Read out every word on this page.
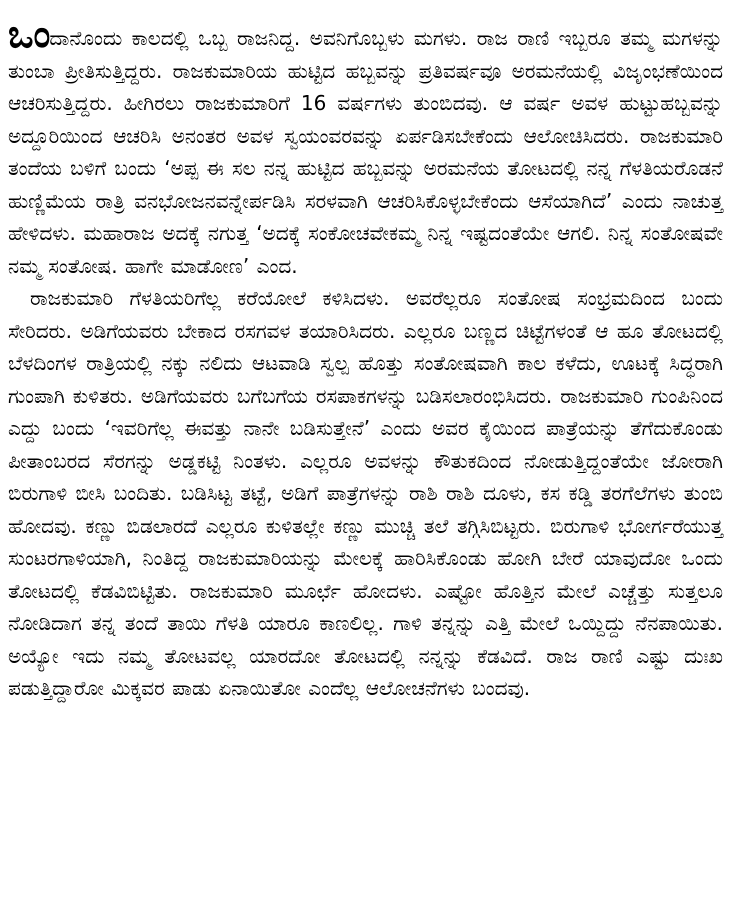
ಒಂದಾನೊಂದು ಕಾಲದಲ್ಲಿ ಒಬ್ಬ ರಾಜನಿದ್ದ. ಅವನಿಗೊಬ್ಬಳು ಮಗಳು. ರಾಜ ರಾಣಿ ಇಬ್ಬರೂ ತಮ್ಮ ಮಗಳನ್ನು ತುಂಬಾ ಪ್ರೀತಿಸುತ್ತಿದ್ದರು. ರಾಜಕುಮಾರಿಯ ಹುಟ್ಟಿದ ಹಬ್ಬವನ್ನು ಪ್ರತಿವರ್ಷವೂ ಅರಮನೆಯಲ್ಲಿ ವಿಜೃಂಭಣೆಯಿಂದ ಆಚರಿಸುತ್ತಿದ್ದರು. ಹೀಗಿರಲು ರಾಜಕುಮಾರಿಗೆ 16 ವರ್ಷಗಳು ತುಂಬಿದವು. ಆ ವರ್ಷ ಅವಳ ಹುಟ್ಟುಹಬ್ಬವನ್ನು ಅದ್ದೂರಿಯಿಂದ ಆಚರಿಸಿ ಅನಂತರ ಅವಳ ಸ್ವಯಂವರವನ್ನು ಏರ್ಪಡಿಸಬೇಕೆಂದು ಆಲೋಚಿಸಿದರು. ರಾಜಕುಮಾರಿ ತಂದೆಯ ಬಳಿಗೆ ಬಂದು ‘ಅಪ್ಪ ಈ ಸಲ ನನ್ನ ಹುಟ್ಟಿದ ಹಬ್ಬವನ್ನು ಅರಮನೆಯ ತೋಟದಲ್ಲಿ ನನ್ನ ಗೆಳತಿಯರೊಡನೆ ಹುಣ್ಣಿಮೆಯ ರಾತ್ರಿ ವನಭೋಜನವನ್ನೇರ್ಪಡಿಸಿ ಸರಳವಾಗಿ ಆಚರಿಸಿಕೊಳ್ಳಬೇಕೆಂದು ಆಸೆಯಾಗಿದೆ’ ಎಂದು ನಾಚುತ್ತ ಹೇಳಿದಳು. ಮಹಾರಾಜ ಅದಕ್ಕೆ ನಗುತ್ತ ‘ಅದಕ್ಕೆ ಸಂಕೋಚವೇಕಮ್ಮ ನಿನ್ನ ಇಷ್ಟದಂತೆಯೇ ಆಗಲಿ. ನಿನ್ನ ಸಂತೋಷವೇ ನಮ್ಮ ಸಂತೋಷ. ಹಾಗೇ ಮಾಡೋಣ’ ಎಂದ.

ರಾಜಕುಮಾರಿ ಗೆಳತಿಯರಿಗೆಲ್ಲ ಕರೆಯೋಲೆ ಕಳಿಸಿದಳು. ಅವರೆಲ್ಲರೂ ಸಂತೋಷ ಸಂಭ್ರಮದಿಂದ ಬಂದು ಸೇರಿದರು. ಅಡಿಗೆಯವರು ಬೇಕಾದ ರಸಗವಳ ತಯಾರಿಸಿದರು. ಎಲ್ಲರೂ ಬಣ್ಣದ ಚಿಟ್ಟೆಗಳಂತೆ ಆ ಹೂ ತೋಟದಲ್ಲಿ ಬೆಳದಿಂಗಳ ರಾತ್ರಿಯಲ್ಲಿ ನಕ್ಕು ನಲಿದು ಆಟವಾಡಿ ಸ್ವಲ್ಪ ಹೊತ್ತು ಸಂತೋಷವಾಗಿ ಕಾಲ ಕಳೆದು, ಊಟಕ್ಕೆ ಸಿದ್ಧರಾಗಿ ಗುಂಪಾಗಿ ಕುಳಿತರು. ಅಡಿಗೆಯವರು ಬಗೆಬಗೆಯ ರಸಪಾಕಗಳನ್ನು ಬಡಿಸಲಾರಂಭಿಸಿದರು. ರಾಜಕುಮಾರಿ ಗುಂಪಿನಿಂದ ಎದ್ದು ಬಂದು ‘ಇವರಿಗೆಲ್ಲ ಈವತ್ತು ನಾನೇ ಬಡಿಸುತ್ತೇನೆ’ ಎಂದು ಅವರ ಕೈಯಿಂದ ಪಾತ್ರೆಯನ್ನು ತೆಗೆದುಕೊಂಡು ಪೀತಾಂಬರದ ಸೆರಗನ್ನು ಅಡ್ಡಕಟ್ಟಿ ನಿಂತಳು. ಎಲ್ಲರೂ ಅವಳನ್ನು ಕೌತುಕದಿಂದ ನೋಡುತ್ತಿದ್ದಂತೆಯೇ ಜೋರಾಗಿ ಬಿರುಗಾಳಿ ಬೀಸಿ ಬಂದಿತು. ಬಡಿಸಿಟ್ಟ ತಟ್ಟೆ, ಅಡಿಗೆ ಪಾತ್ರೆಗಳನ್ನು ರಾಶಿ ರಾಶಿ ದೂಳು, ಕಸ ಕಡ್ಡಿ ತರಗೆಲೆಗಳು ತುಂಬಿ ಹೋದವು. ಕಣ್ಣು ಬಿಡಲಾರದೆ ಎಲ್ಲರೂ ಕುಳಿತಲ್ಲೇ ಕಣ್ಣು ಮುಚ್ಚಿ ತಲೆ ತಗ್ಗಿಸಿಬಿಟ್ಟರು. ಬಿರುಗಾಳಿ ಭೋರ್ಗರೆಯುತ್ತ ಸುಂಟರಗಾಳಿಯಾಗಿ, ನಿಂತಿದ್ದ ರಾಜಕುಮಾರಿಯನ್ನು ಮೇಲಕ್ಕೆ ಹಾರಿಸಿಕೊಂಡು ಹೋಗಿ ಬೇರೆ ಯಾವುದೋ ಒಂದು ತೋಟದಲ್ಲಿ ಕೆಡವಿಬಿಟ್ಟಿತು. ರಾಜಕುಮಾರಿ ಮೂರ್ಛೆ ಹೋದಳು. ಎಷ್ಟೋ ಹೊತ್ತಿನ ಮೇಲೆ ಎಚ್ಚೆತ್ತು ಸುತ್ತಲೂ ನೋಡಿದಾಗ ತನ್ನ ತಂದೆ ತಾಯಿ ಗೆಳತಿ ಯಾರೂ ಕಾಣಲಿಲ್ಲ. ಗಾಳಿ ತನ್ನನ್ನು ಎತ್ತಿ ಮೇಲೆ ಒಯ್ದಿದ್ದು ನೆನಪಾಯಿತು. ಅಯ್ಯೋ ಇದು ನಮ್ಮ ತೋಟವಲ್ಲ ಯಾರದೋ ತೋಟದಲ್ಲಿ ನನ್ನನ್ನು ಕೆಡವಿದೆ. ರಾಜ ರಾಣಿ ಎಷ್ಟು ದುಃಖ ಪಡುತ್ತಿದ್ದಾರೋ ಮಿಕ್ಕವರ ಪಾಡು ಏನಾಯಿತೋ ಎಂದೆಲ್ಲ ಆಲೋಚನೆಗಳು ಬಂದವು.
